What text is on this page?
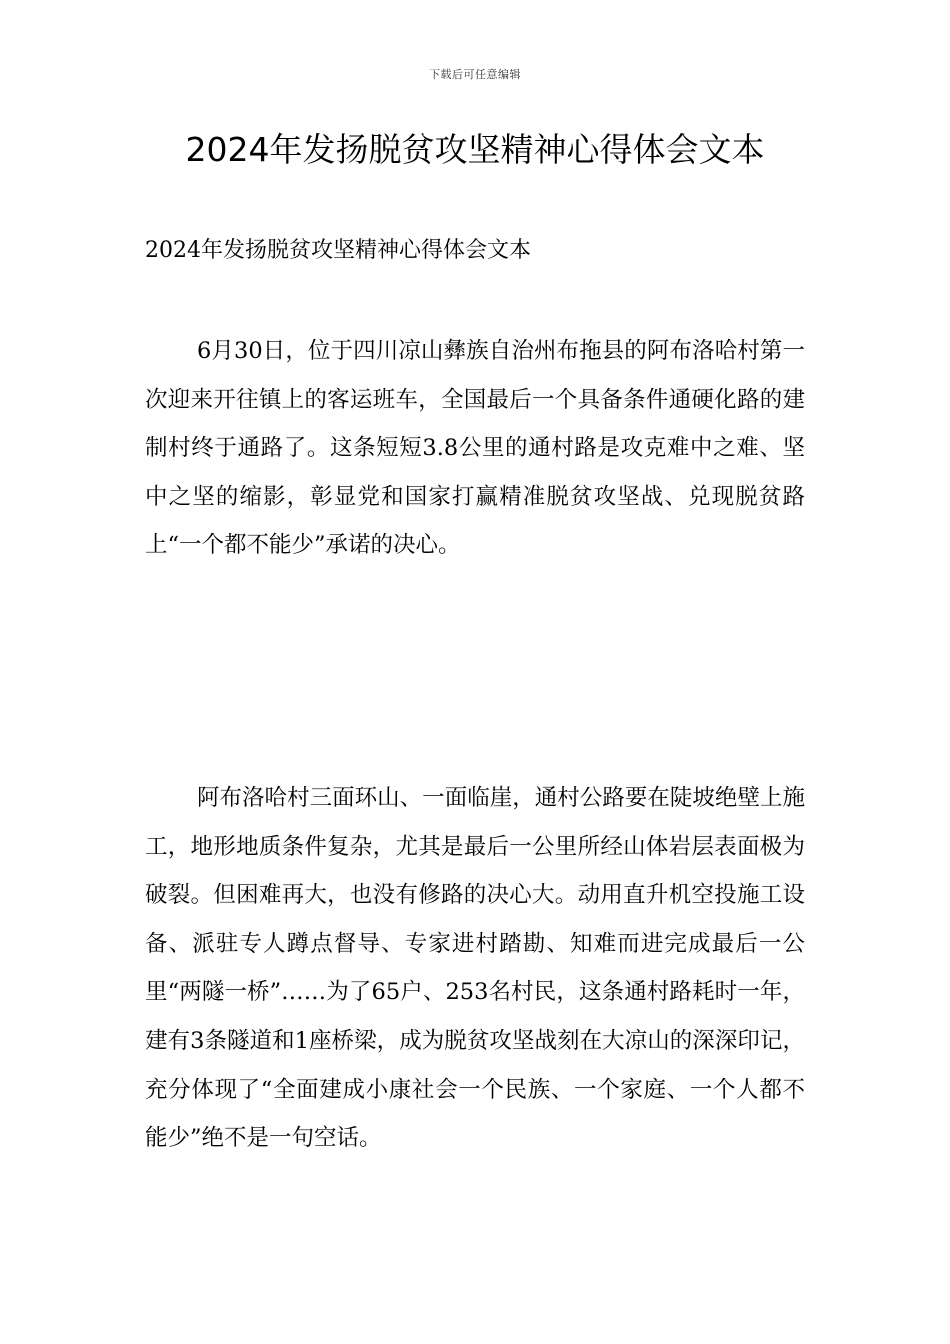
下载后可任意编辑
2024年发扬脱贫攻坚精神心得体会文本

2024年发扬脱贫攻坚精神心得体会文本

6月30日，位于四川凉山彝族自治州布拖县的阿布洛哈村第一次迎来开往镇上的客运班车，全国最后一个具备条件通硬化路的建制村终于通路了。这条短短3.8公里的通村路是攻克难中之难、坚中之坚的缩影，彰显党和国家打赢精准脱贫攻坚战、兑现脱贫路上“一个都不能少”承诺的决心。

阿布洛哈村三面环山、一面临崖，通村公路要在陡坡绝壁上施工，地形地质条件复杂，尤其是最后一公里所经山体岩层表面极为破裂。但困难再大，也没有修路的决心大。动用直升机空投施工设备、派驻专人蹲点督导、专家进村踏勘、知难而进完成最后一公里“两隧一桥”……为了65户、253名村民，这条通村路耗时一年，建有3条隧道和1座桥梁，成为脱贫攻坚战刻在大凉山的深深印记，充分体现了“全面建成小康社会一个民族、一个家庭、一个人都不能少”绝不是一句空话。
